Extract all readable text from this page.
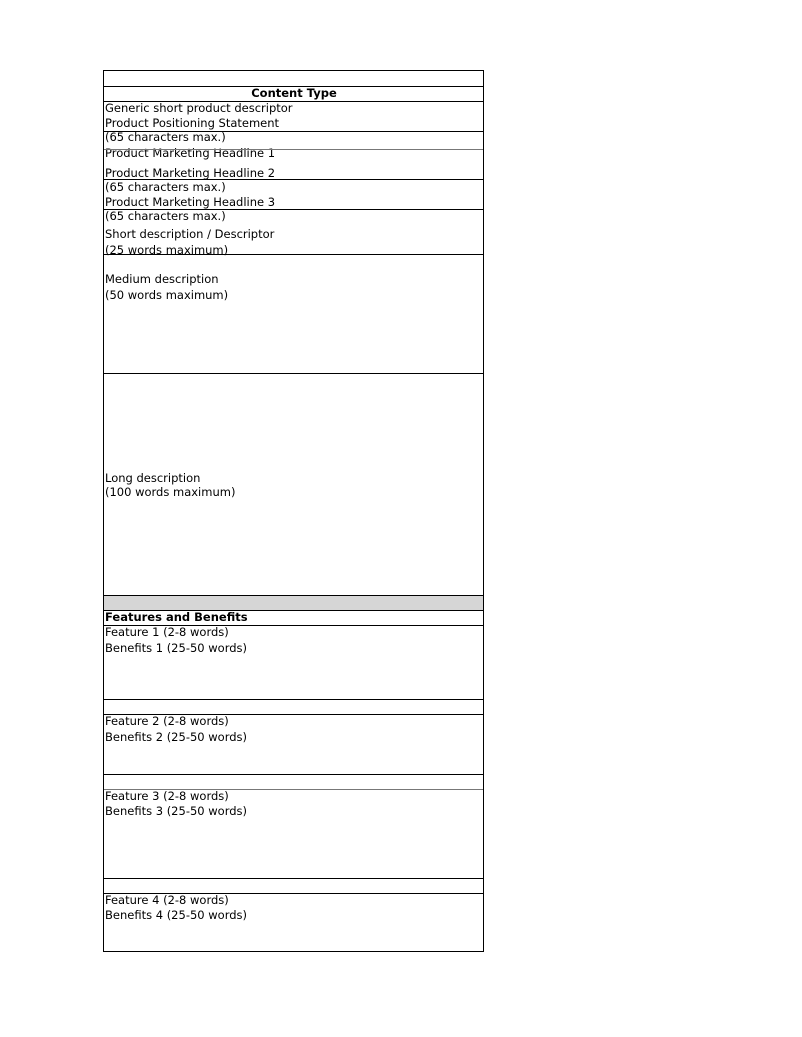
Content Type

Generic short product descriptor

Product Positioning Statement
(65 characters max.)

Product Marketing Headline 1

Product Marketing Headline 2
(65 characters max.)

Product Marketing Headline 3
(65 characters max.)

Short description / Descriptor
(25 words maximum)

Medium description
(50 words maximum)

Long description
(100 words maximum)

Features and Benefits

Feature 1 (2-8 words)

Benefits 1 (25-50 words)

Feature 2 (2-8 words)

Benefits 2 (25-50 words)

Feature 3 (2-8 words)

Benefits 3 (25-50 words)

Feature 4 (2-8 words)

Benefits 4 (25-50 words)
